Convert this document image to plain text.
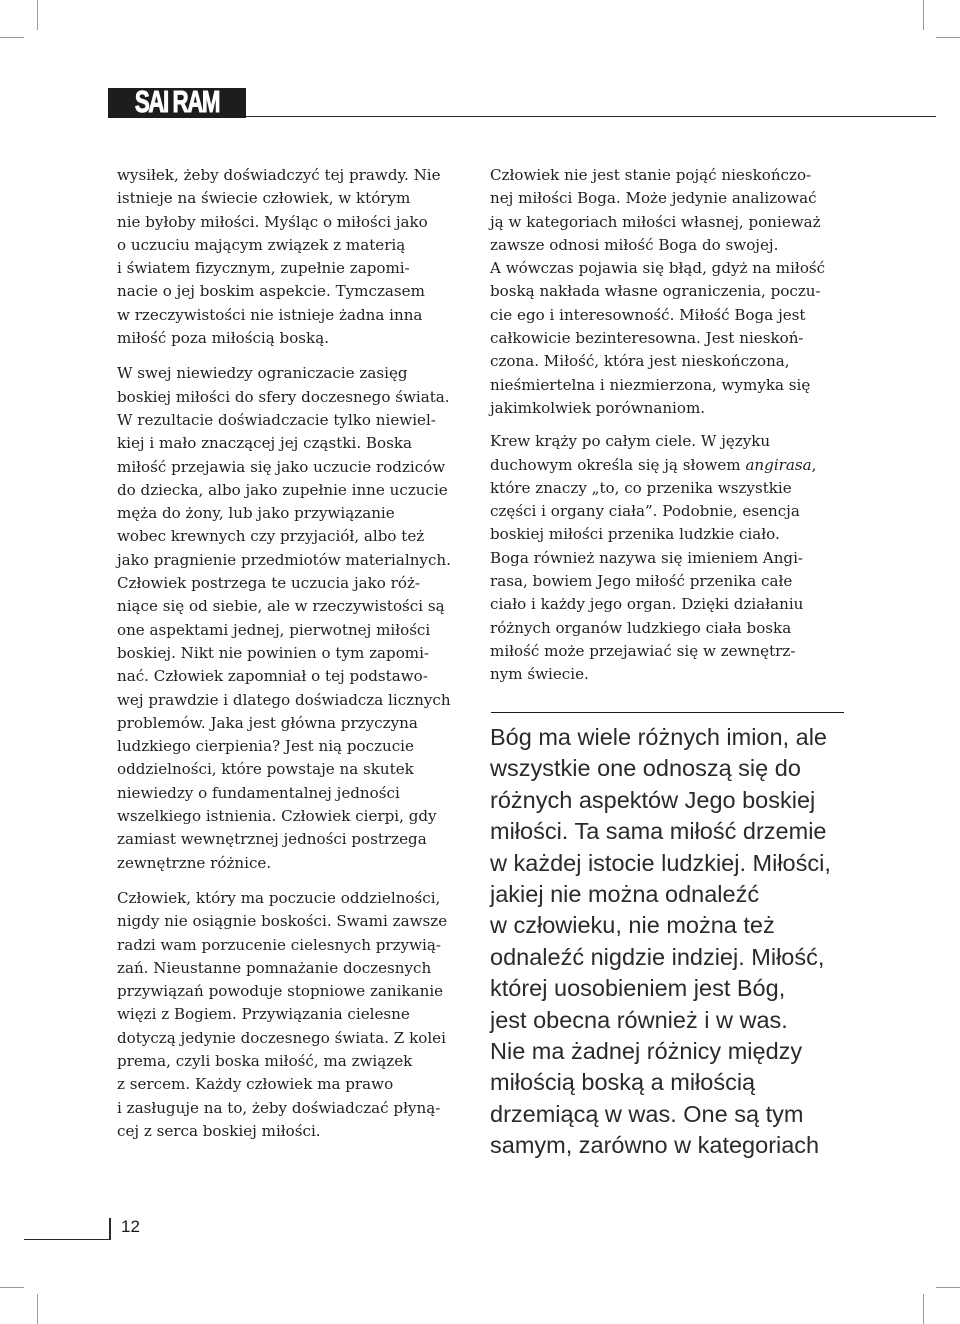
SAI RAM
wysiłek, żeby doświadczyć tej prawdy. Nie
istnieje na świecie człowiek, w którym
nie byłoby miłości. Myśląc o miłości jako
o uczuciu mającym związek z materią
i światem fizycznym, zupełnie zapomi-
nacie o jej boskim aspekcie. Tymczasem
w rzeczywistości nie istnieje żadna inna
miłość poza miłością boską.
W swej niewiedzy ograniczacie zasięg
boskiej miłości do sfery doczesnego świata.
W rezultacie doświadczacie tylko niewiel-
kiej i mało znaczącej jej cząstki. Boska
miłość przejawia się jako uczucie rodziców
do dziecka, albo jako zupełnie inne uczucie
męża do żony, lub jako przywiązanie
wobec krewnych czy przyjaciół, albo też
jako pragnienie przedmiotów materialnych.
Człowiek postrzega te uczucia jako róż-
niące się od siebie, ale w rzeczywistości są
one aspektami jednej, pierwotnej miłości
boskiej. Nikt nie powinien o tym zapomi-
nać. Człowiek zapomniał o tej podstawo-
wej prawdzie i dlatego doświadcza licznych
problemów. Jaka jest główna przyczyna
ludzkiego cierpienia? Jest nią poczucie
oddzielności, które powstaje na skutek
niewiedzy o fundamentalnej jedności
wszelkiego istnienia. Człowiek cierpi, gdy
zamiast wewnętrznej jedności postrzega
zewnętrzne różnice.
Człowiek, który ma poczucie oddzielności,
nigdy nie osiągnie boskości. Swami zawsze
radzi wam porzucenie cielesnych przywią-
zań. Nieustanne pomnażanie doczesnych
przywiązań powoduje stopniowe zanikanie
więzi z Bogiem. Przywiązania cielesne
dotyczą jedynie doczesnego świata. Z kolei
prema, czyli boska miłość, ma związek
z sercem. Każdy człowiek ma prawo
i zasługuje na to, żeby doświadczać płyną-
cej z serca boskiej miłości.
Człowiek nie jest stanie pojąć nieskończo-
nej miłości Boga. Może jedynie analizować
ją w kategoriach miłości własnej, ponieważ
zawsze odnosi miłość Boga do swojej.
A wówczas pojawia się błąd, gdyż na miłość
boską nakłada własne ograniczenia, poczu-
cie ego i interesowność. Miłość Boga jest
całkowicie bezinteresowna. Jest nieskoń-
czona. Miłość, która jest nieskończona,
nieśmiertelna i niezmierzona, wymyka się
jakimkolwiek porównaniom.
Krew krąży po całym ciele. W języku
duchowym określa się ją słowem angirasa,
które znaczy „to, co przenika wszystkie
części i organy ciała”. Podobnie, esencja
boskiej miłości przenika ludzkie ciało.
Boga również nazywa się imieniem Angi-
rasa, bowiem Jego miłość przenika całe
ciało i każdy jego organ. Dzięki działaniu
różnych organów ludzkiego ciała boska
miłość może przejawiać się w zewnętrz-
nym świecie.
Bóg ma wiele różnych imion, ale
wszystkie one odnoszą się do
różnych aspektów Jego boskiej
miłości. Ta sama miłość drzemie
w każdej istocie ludzkiej. Miłości,
jakiej nie można odnaleźć
w człowieku, nie można też
odnaleźć nigdzie indziej. Miłość,
której uosobieniem jest Bóg,
jest obecna również i w was.
Nie ma żadnej różnicy między
miłością boską a miłością
drzemiącą w was. One są tym
samym, zarówno w kategoriach
12
